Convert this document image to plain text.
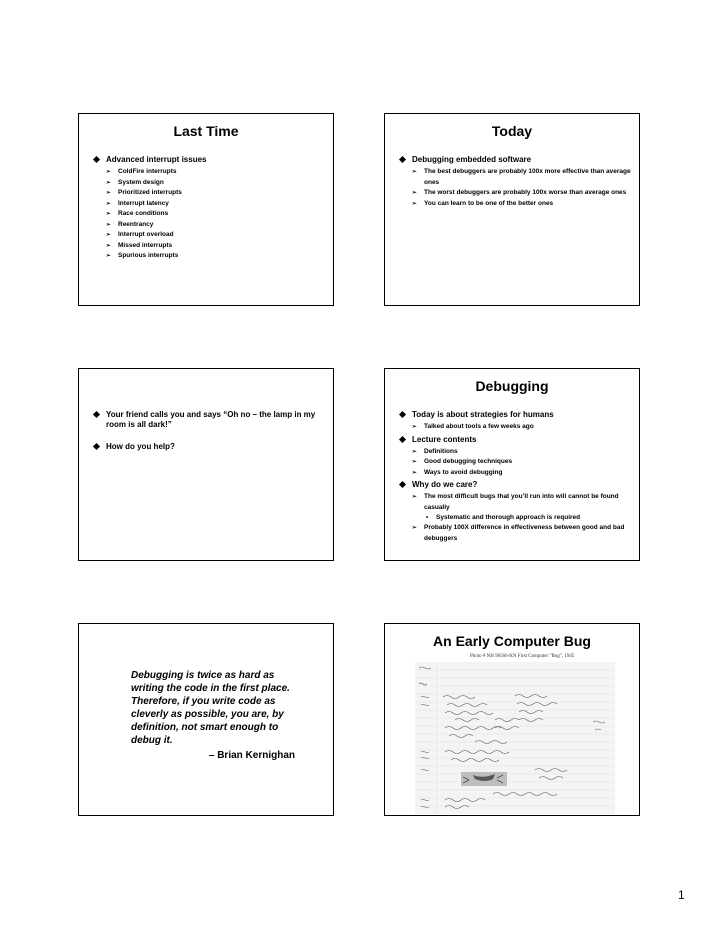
Last Time
Advanced interrupt issues
➢ ColdFire interrupts
➢ System design
➢ Prioritized interrupts
➢ Interrupt latency
➢ Race conditions
➢ Reentrancy
➢ Interrupt overload
➢ Missed interrupts
➢ Spurious interrupts
Today
Debugging embedded software
➢ The best debuggers are probably 100x more effective than average ones
➢ The worst debuggers are probably 100x worse than average ones
➢ You can learn to be one of the better ones
Your friend calls you and says “Oh no – the lamp in my room is all dark!”
How do you help?
Debugging
Today is about strategies for humans
➢ Talked about tools a few weeks ago
Lecture contents
➢ Definitions
➢ Good debugging techniques
➢ Ways to avoid debugging
Why do we care?
➢ The most difficult bugs that you’ll run into will cannot be found casually
• Systematic and thorough approach is required
➢ Probably 100X difference in effectiveness between good and bad debuggers
Debugging is twice as hard as writing the code in the first place. Therefore, if you write code as cleverly as possible, you are, by definition, not smart enough to debug it.
– Brian Kernighan
An Early Computer Bug
Photo # NH 96566-KN First Computer "Bug", 1945
1
